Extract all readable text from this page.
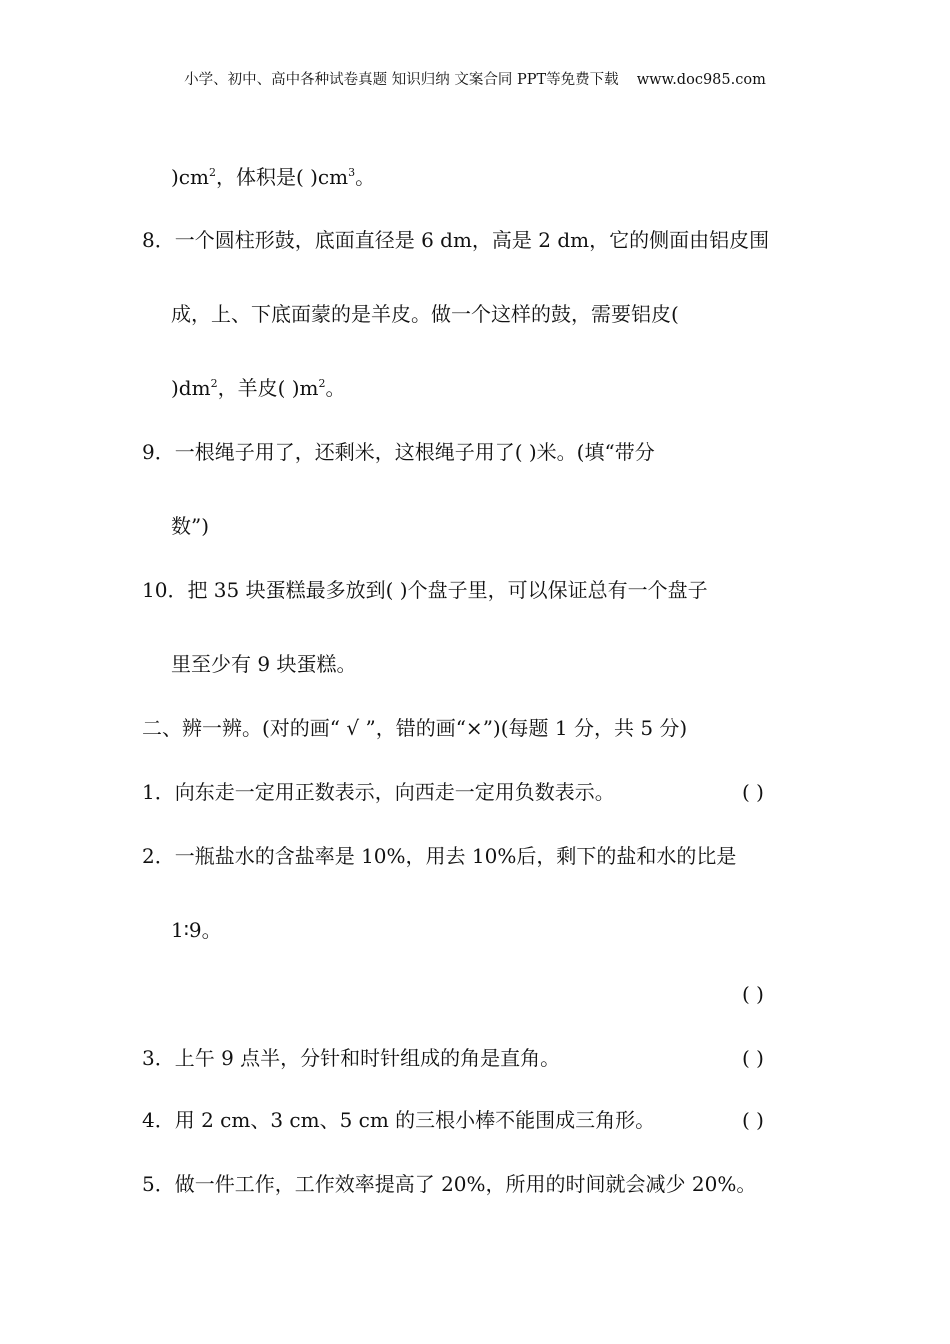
小学、初中、高中各种试卷真题 知识归纳 文案合同 PPT等免费下载 www.doc985.com
)$cm^2$，体积是( )$cm^3$。
8．一个圆柱形鼓，底面直径是 6 dm，高是 2 dm，它的侧面由铝皮围
成，上、下底面蒙的是羊皮。做一个这样的鼓，需要铝皮(
)$dm^2$，羊皮( )$m^2$。
9．一根绳子用了，还剩米，这根绳子用了( )米。(填“带分
数”)
10．把 35 块蛋糕最多放到( )个盘子里，可以保证总有一个盘子
里至少有 9 块蛋糕。
二、辨一辨。(对的画“ √ ”，错的画“×”)(每题 1 分，共 5 分)
1．向东走一定用正数表示，向西走一定用负数表示。	( )
2．一瓶盐水的含盐率是 10%，用去 10%后，剩下的盐和水的比是
1∶9。
( )
3．上午 9 点半，分针和时针组成的角是直角。	( )
4．用 2 cm、3 cm、5 cm 的三根小棒不能围成三角形。	( )
5．做一件工作，工作效率提高了 20%，所用的时间就会减少 20%。
